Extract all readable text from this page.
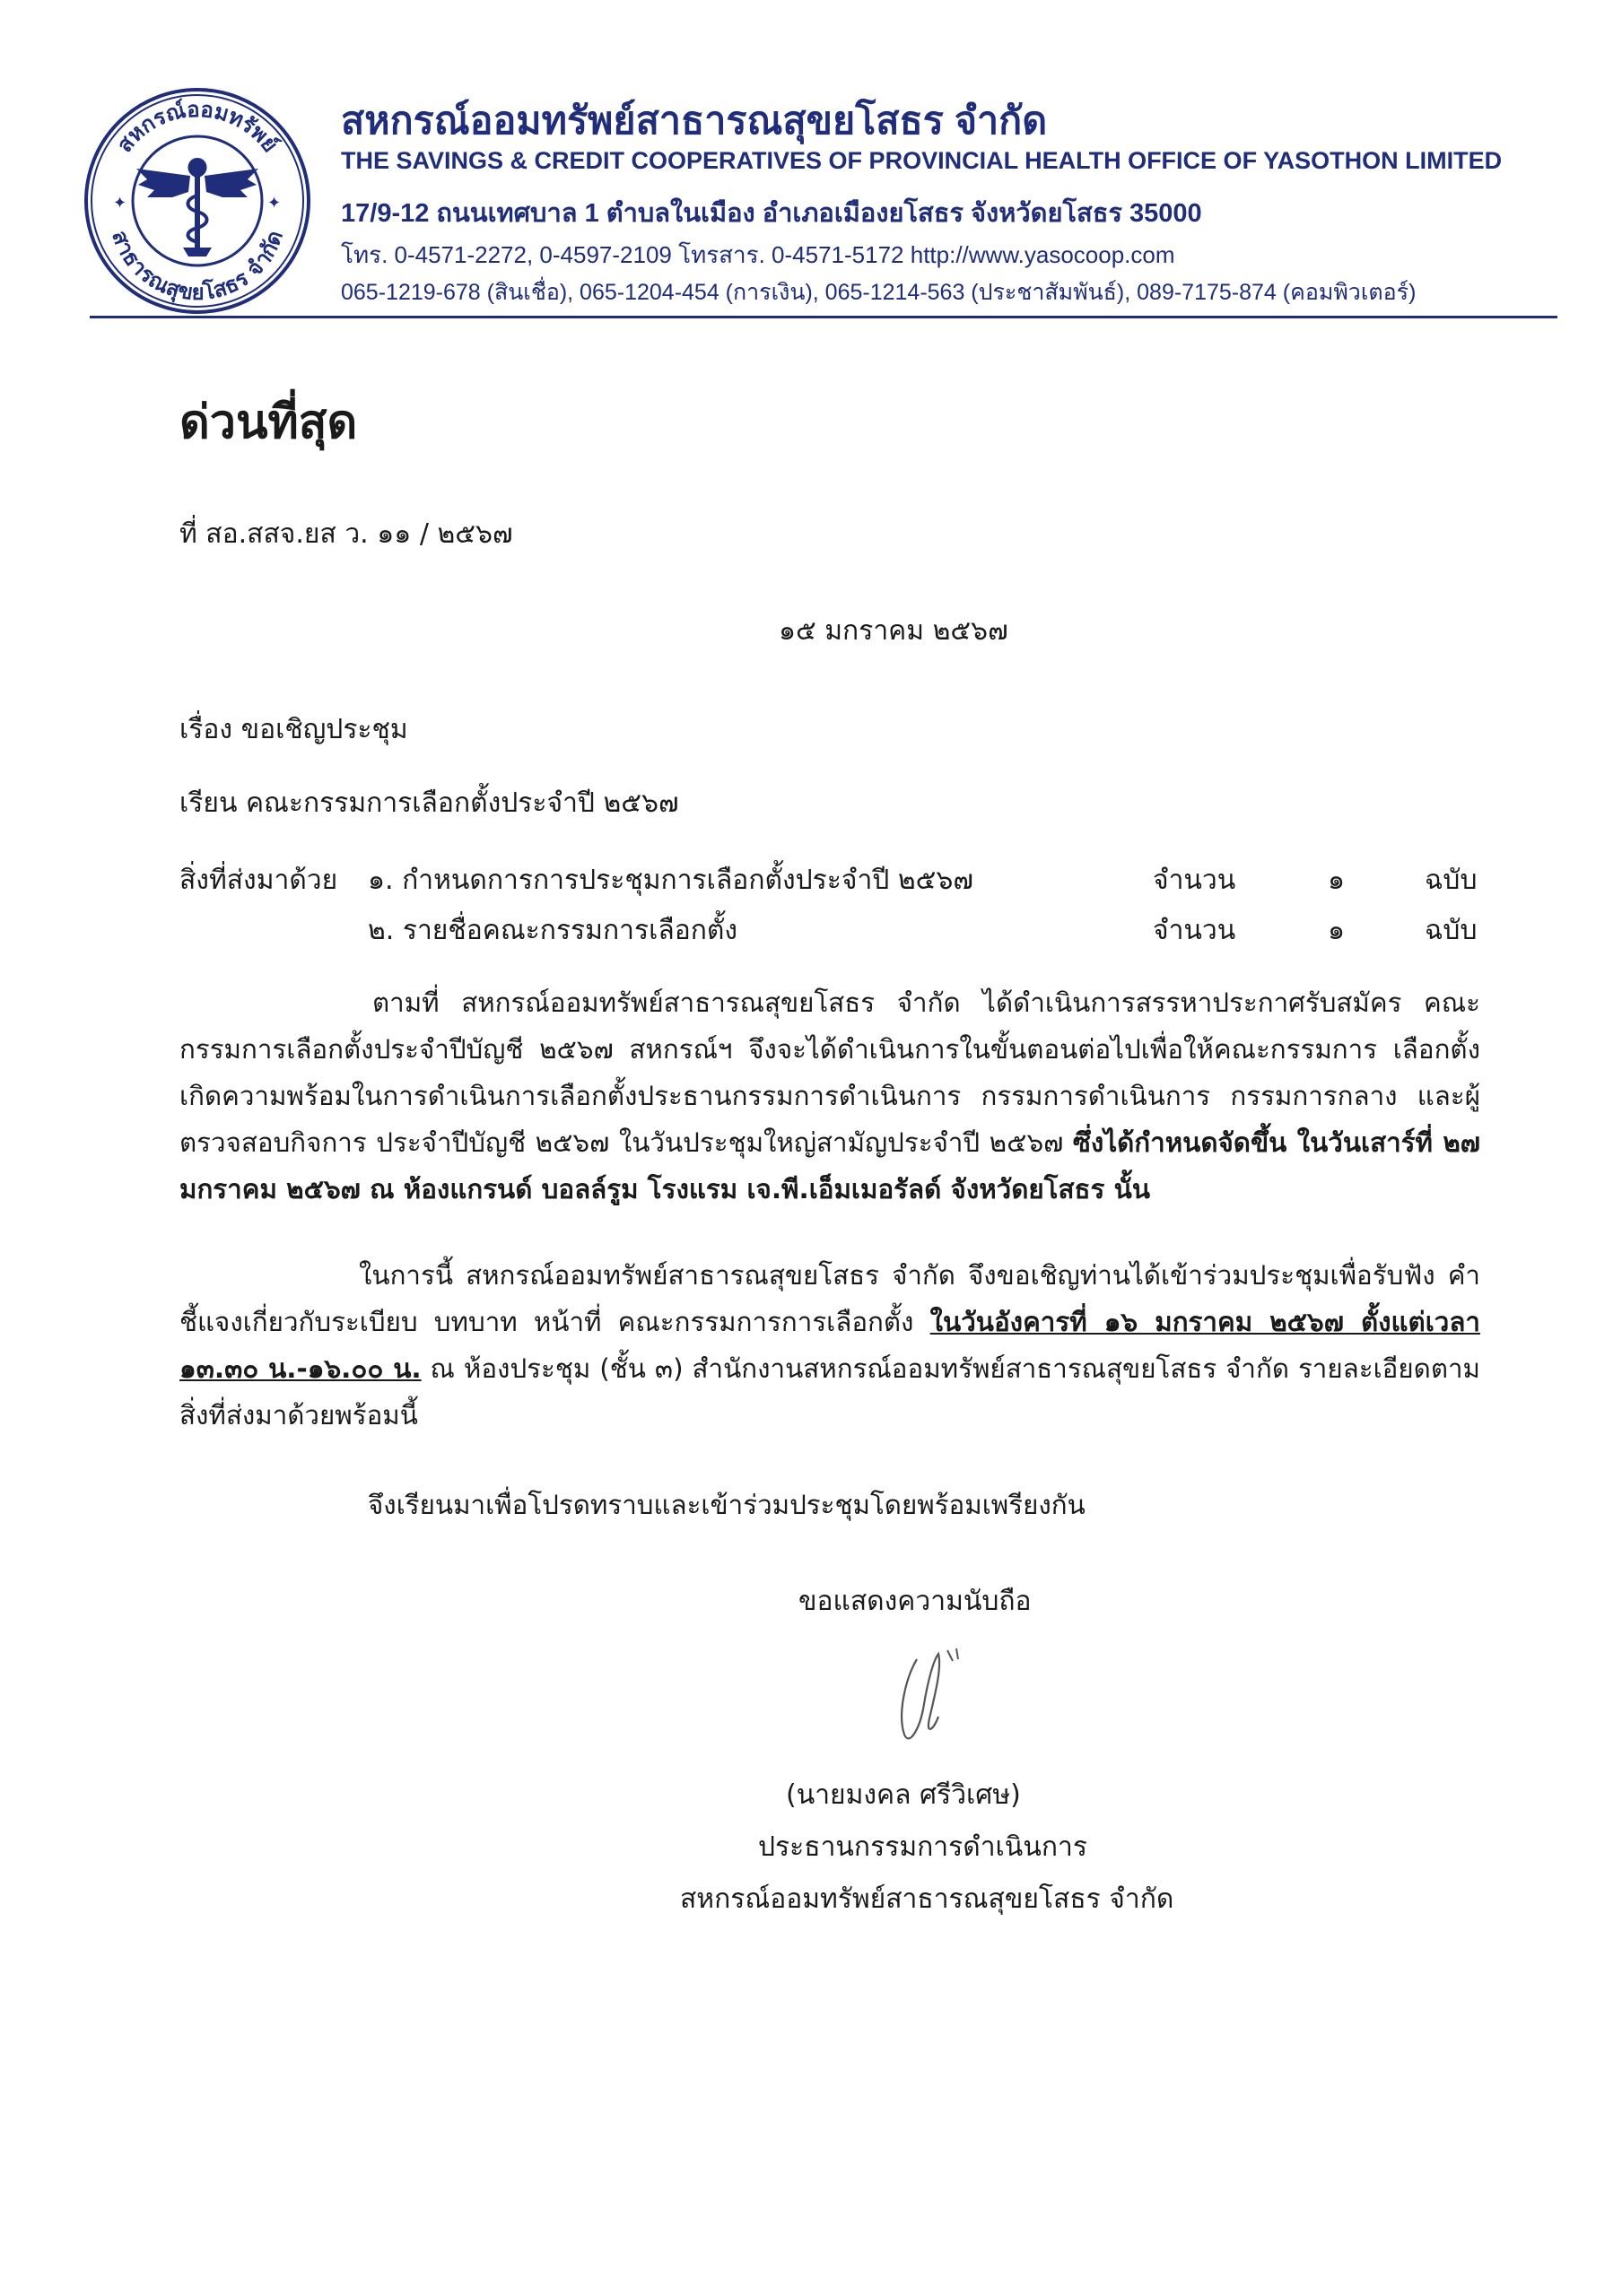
สหกรณ์ออมทรัพย์
สาธารณสุขยโสธร จำกัด
✦	✦
สหกรณ์ออมทรัพย์สาธารณสุขยโสธร จำกัด
THE SAVINGS & CREDIT COOPERATIVES OF PROVINCIAL HEALTH OFFICE OF YASOTHON LIMITED
17/9-12 ถนนเทศบาล 1 ตำบลในเมือง อำเภอเมืองยโสธร จังหวัดยโสธร 35000
โทร. 0-4571-2272, 0-4597-2109 โทรสาร. 0-4571-5172 http://www.yasocoop.com
065-1219-678 (สินเชื่อ), 065-1204-454 (การเงิน), 065-1214-563 (ประชาสัมพันธ์), 089-7175-874 (คอมพิวเตอร์)
ด่วนที่สุด
ที่ สอ.สสจ.ยส ว. ๑๑ / ๒๕๖๗
๑๕ มกราคม ๒๕๖๗
เรื่อง ขอเชิญประชุม
เรียน คณะกรรมการเลือกตั้งประจำปี ๒๕๖๗
สิ่งที่ส่งมาด้วย ๑. กำหนดการการประชุมการเลือกตั้งประจำปี ๒๕๖๗	จำนวน	๑	ฉบับ
๒. รายชื่อคณะกรรมการเลือกตั้ง	จำนวน	๑	ฉบับ
ตามที่ สหกรณ์ออมทรัพย์สาธารณสุขยโสธร จำกัด ได้ดำเนินการสรรหาประกาศรับสมัคร คณะกรรมการเลือกตั้งประจำปีบัญชี ๒๕๖๗ สหกรณ์ฯ จึงจะได้ดำเนินการในขั้นตอนต่อไปเพื่อให้คณะกรรมการ เลือกตั้งเกิดความพร้อมในการดำเนินการเลือกตั้งประธานกรรมการดำเนินการ กรรมการดำเนินการ กรรมการกลาง และผู้ตรวจสอบกิจการ ประจำปีบัญชี ๒๕๖๗ ในวันประชุมใหญ่สามัญประจำปี ๒๕๖๗ ซึ่งได้กำหนดจัดขึ้น ในวันเสาร์ที่ ๒๗ มกราคม ๒๕๖๗ ณ ห้องแกรนด์ บอลล์รูม โรงแรม เจ.พี.เอ็มเมอรัลด์ จังหวัดยโสธร นั้น
ในการนี้ สหกรณ์ออมทรัพย์สาธารณสุขยโสธร จำกัด จึงขอเชิญท่านได้เข้าร่วมประชุมเพื่อรับฟัง คำชี้แจงเกี่ยวกับระเบียบ บทบาท หน้าที่ คณะกรรมการการเลือกตั้ง ในวันอังคารที่ ๑๖ มกราคม ๒๕๖๗ ตั้งแต่เวลา ๑๓.๓๐ น.-๑๖.๐๐ น. ณ ห้องประชุม (ชั้น ๓) สำนักงานสหกรณ์ออมทรัพย์สาธารณสุขยโสธร จำกัด รายละเอียดตามสิ่งที่ส่งมาด้วยพร้อมนี้
จึงเรียนมาเพื่อโปรดทราบและเข้าร่วมประชุมโดยพร้อมเพรียงกัน
ขอแสดงความนับถือ
(นายมงคล ศรีวิเศษ)
ประธานกรรมการดำเนินการ
สหกรณ์ออมทรัพย์สาธารณสุขยโสธร จำกัด
